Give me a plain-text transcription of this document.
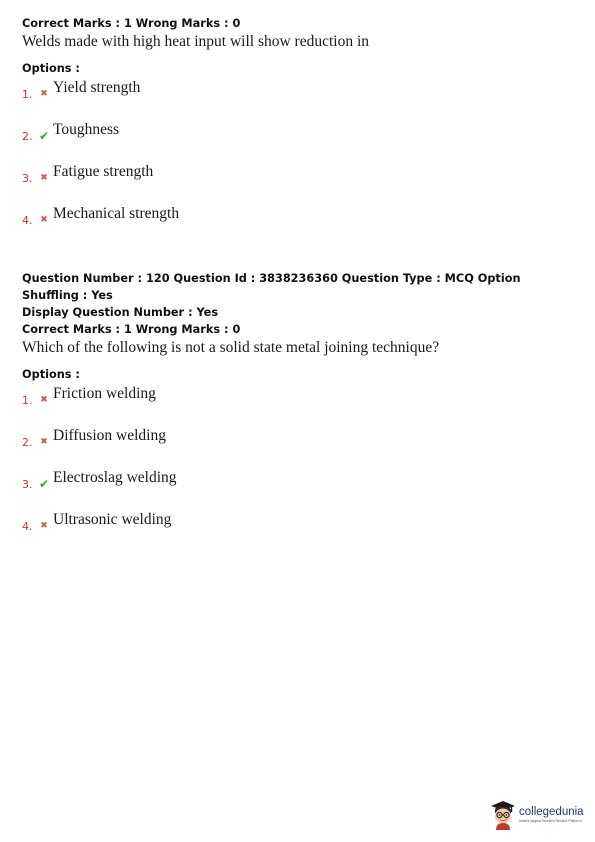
Correct Marks : 1 Wrong Marks : 0
Welds made with high heat input will show reduction in
Options :
1. ✖ Yield strength
2. ✔ Toughness
3. ✖ Fatigue strength
4. ✖ Mechanical strength
Question Number : 120 Question Id : 3838236360 Question Type : MCQ Option Shuffling : Yes
Display Question Number : Yes
Correct Marks : 1 Wrong Marks : 0
Which of the following is not a solid state metal joining technique?
Options :
1. ✖ Friction welding
2. ✖ Diffusion welding
3. ✔ Electroslag welding
4. ✖ Ultrasonic welding
collegedunia
India's largest Student Review Platform
